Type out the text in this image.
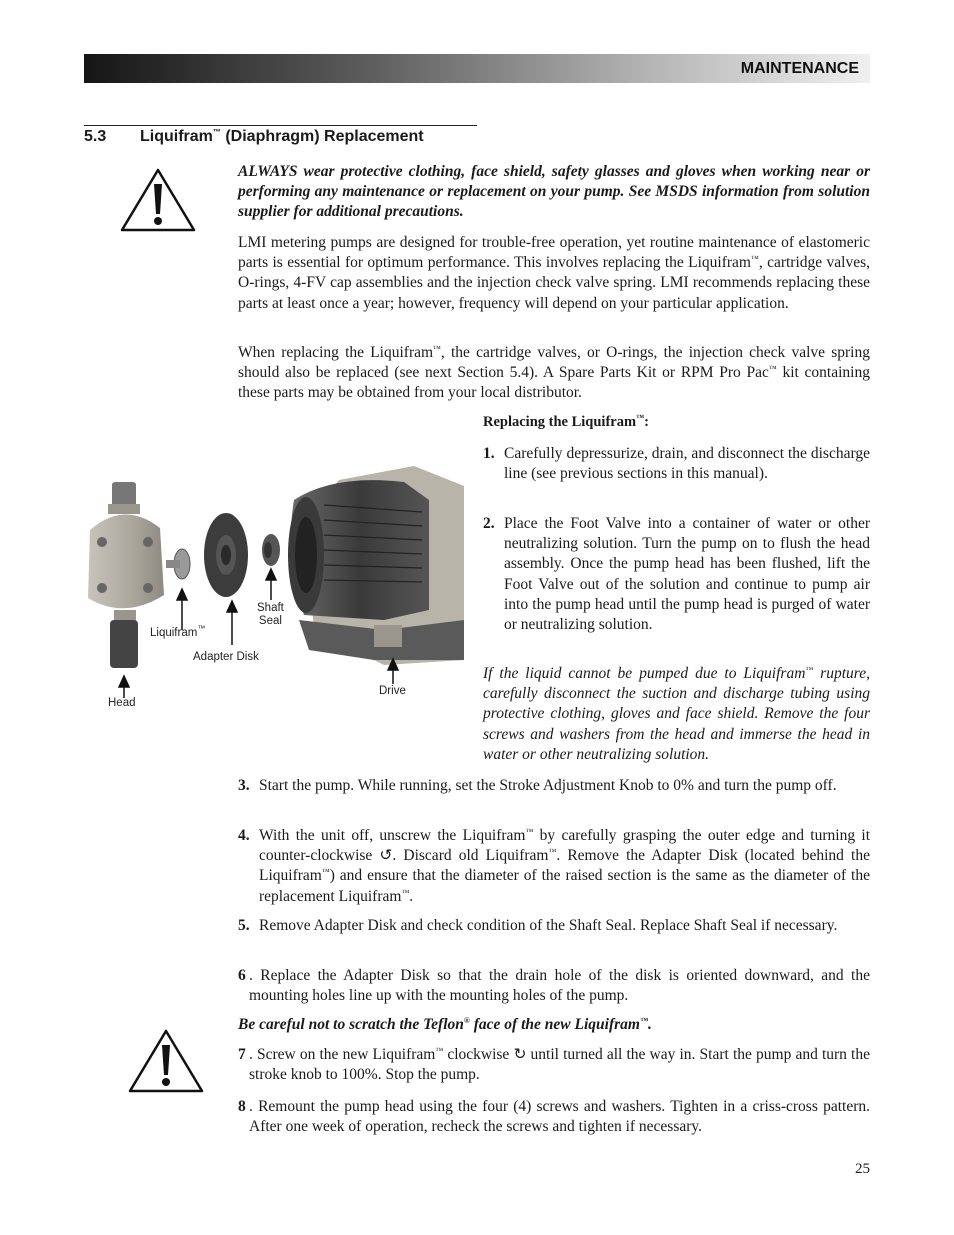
MAINTENANCE
5.3 Liquifram™ (Diaphragm) Replacement
ALWAYS wear protective clothing, face shield, safety glasses and gloves when working near or performing any maintenance or replacement on your pump. See MSDS information from solution supplier for additional precautions.
LMI metering pumps are designed for trouble-free operation, yet routine maintenance of elastomeric parts is essential for optimum performance. This involves replacing the Liquifram™, cartridge valves, O-rings, 4-FV cap assemblies and the injection check valve spring. LMI recommends replacing these parts at least once a year; however, frequency will depend on your particular application.
When replacing the Liquifram™, the cartridge valves, or O-rings, the injection check valve spring should also be replaced (see next Section 5.4). A Spare Parts Kit or RPM Pro Pac™ kit containing these parts may be obtained from your local distributor.
Head
Liquifram™
Adapter Disk
Shaft
Seal
Drive
Replacing the Liquifram™:
1. Carefully depressurize, drain, and disconnect the discharge line (see previous sections in this manual).
2. Place the Foot Valve into a container of water or other neutralizing solution. Turn the pump on to flush the head assembly. Once the pump head has been flushed, lift the Foot Valve out of the solution and continue to pump air into the pump head until the pump head is purged of water or neutralizing solution.
If the liquid cannot be pumped due to Liquifram™ rupture, carefully disconnect the suction and discharge tubing using protective clothing, gloves and face shield. Remove the four screws and washers from the head and immerse the head in water or other neutralizing solution.
3. Start the pump. While running, set the Stroke Adjustment Knob to 0% and turn the pump off.
4. With the unit off, unscrew the Liquifram™ by carefully grasping the outer edge and turning it counter-clockwise ↺. Discard old Liquifram™. Remove the Adapter Disk (located behind the Liquifram™) and ensure that the diameter of the raised section is the same as the diameter of the replacement Liquifram™.
5. Remove Adapter Disk and check condition of the Shaft Seal. Replace Shaft Seal if necessary.
6 . Replace the Adapter Disk so that the drain hole of the disk is oriented downward, and the mounting holes line up with the mounting holes of the pump.
Be careful not to scratch the Teflon® face of the new Liquifram™.
7 . Screw on the new Liquifram™ clockwise ↻ until turned all the way in. Start the pump and turn the stroke knob to 100%. Stop the pump.
8 . Remount the pump head using the four (4) screws and washers. Tighten in a criss-cross pattern. After one week of operation, recheck the screws and tighten if necessary.
25
